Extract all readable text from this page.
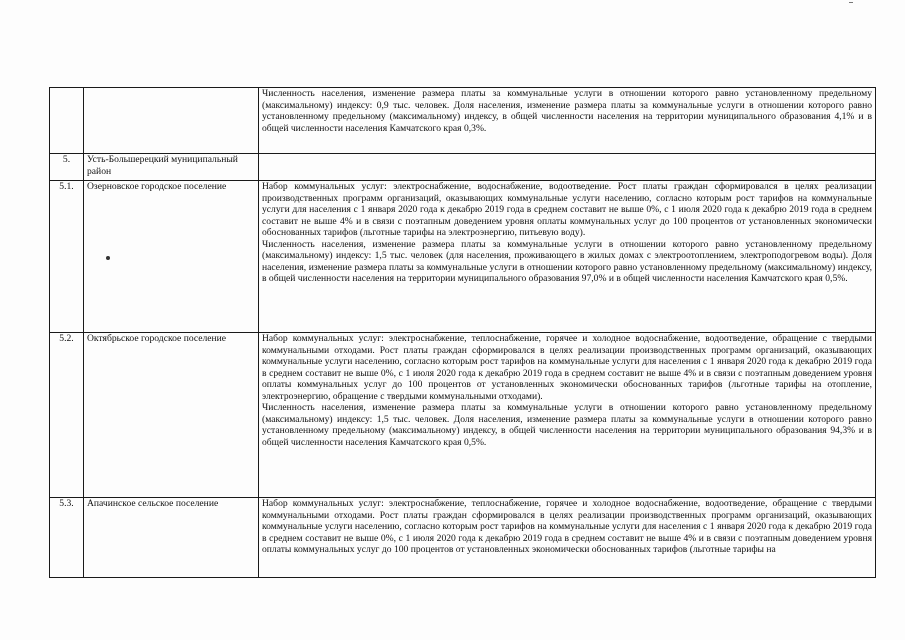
		Численность населения, изменение размера платы за коммунальные услуги в отношении которого равно установленному предельному (максимальному) индексу: 0,9 тыс. человек. Доля населения, изменение размера платы за коммунальные услуги в отношении которого равно установленному предельному (максимальному) индексу, в общей численности населения на территории муниципального образования 4,1% и в общей численности населения Камчатского края 0,3%.

5.	Усть-Большерецкий муниципальный район	
5.1.	Озерновское городское поселение	Набор коммунальных услуг: электроснабжение, водоснабжение, водоотведение. Рост платы граждан сформировался в целях реализации производственных программ организаций, оказывающих коммунальные услуги населению, согласно которым рост тарифов на коммунальные услуги для населения с 1 января 2020 года к декабрю 2019 года в среднем составит не выше 0%, с 1 июля 2020 года к декабрю 2019 года в среднем составит не выше 4% и в связи с поэтапным доведением уровня оплаты коммунальных услуг до 100 процентов от установленных экономически обоснованных тарифов (льготные тарифы на электроэнергию, питьевую воду).

Численность населения, изменение размера платы за коммунальные услуги в отношении которого равно установленному предельному (максимальному) индексу: 1,5 тыс. человек (для населения, проживающего в жилых домах с электроотоплением, электроподогревом воды). Доля населения, изменение размера платы за коммунальные услуги в отношении которого равно установленному предельному (максимальному) индексу, в общей численности населения на территории муниципального образования 97,0% и в общей численности населения Камчатского края 0,5%.

5.2.	Октябрьское городское поселение	Набор коммунальных услуг: электроснабжение, теплоснабжение, горячее и холодное водоснабжение, водоотведение, обращение с твердыми коммунальными отходами. Рост платы граждан сформировался в целях реализации производственных программ организаций, оказывающих коммунальные услуги населению, согласно которым рост тарифов на коммунальные услуги для населения с 1 января 2020 года к декабрю 2019 года в среднем составит не выше 0%, с 1 июля 2020 года к декабрю 2019 года в среднем составит не выше 4% и в связи с поэтапным доведением уровня оплаты коммунальных услуг до 100 процентов от установленных экономически обоснованных тарифов (льготные тарифы на отопление, электроэнергию, обращение с твердыми коммунальными отходами).

Численность населения, изменение размера платы за коммунальные услуги в отношении которого равно установленному предельному (максимальному) индексу: 1,5 тыс. человек. Доля населения, изменение размера платы за коммунальные услуги в отношении которого равно установленному предельному (максимальному) индексу, в общей численности населения на территории муниципального образования 94,3% и в общей численности населения Камчатского края 0,5%.

5.3.	Апачинское сельское поселение	Набор коммунальных услуг: электроснабжение, теплоснабжение, горячее и холодное водоснабжение, водоотведение, обращение с твердыми коммунальными отходами. Рост платы граждан сформировался в целях реализации производственных программ организаций, оказывающих коммунальные услуги населению, согласно которым рост тарифов на коммунальные услуги для населения с 1 января 2020 года к декабрю 2019 года в среднем составит не выше 0%, с 1 июля 2020 года к декабрю 2019 года в среднем составит не выше 4% и в связи с поэтапным доведением уровня оплаты коммунальных услуг до 100 процентов от установленных экономически обоснованных тарифов (льготные тарифы на
